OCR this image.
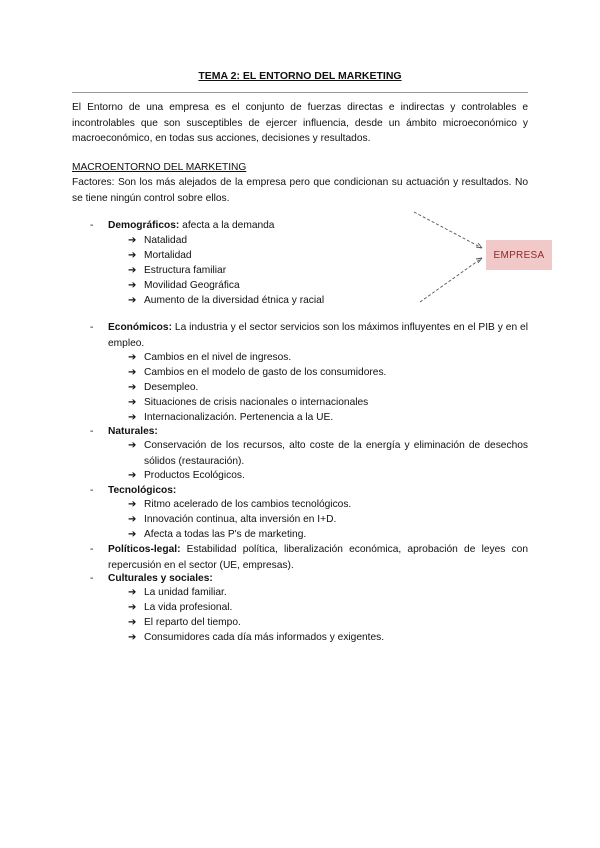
TEMA 2: EL ENTORNO DEL MARKETING
El Entorno de una empresa es el conjunto de fuerzas directas e indirectas y controlables e incontrolables que son susceptibles de ejercer influencia, desde un ámbito microeconómico y macroeconómico, en todas sus acciones, decisiones y resultados.
MACROENTORNO DEL MARKETING
Factores: Son los más alejados de la empresa pero que condicionan su actuación y resultados. No se tiene ningún control sobre ellos.
EMPRESA
- Demográficos: afecta a la demanda
➔ Natalidad
➔ Mortalidad
➔ Estructura familiar
➔ Movilidad Geográfica
➔ Aumento de la diversidad étnica y racial
- Económicos: La industria y el sector servicios son los máximos influyentes en el PIB y en el empleo.
➔ Cambios en el nivel de ingresos.
➔ Cambios en el modelo de gasto de los consumidores.
➔ Desempleo.
➔ Situaciones de crisis nacionales o internacionales
➔ Internacionalización. Pertenencia a la UE.
- Naturales:
➔ Conservación de los recursos, alto coste de la energía y eliminación de desechos sólidos (restauración).
➔ Productos Ecológicos.
- Tecnológicos:
➔ Ritmo acelerado de los cambios tecnológicos.
➔ Innovación continua, alta inversión en I+D.
➔ Afecta a todas las P's de marketing.
- Políticos-legal: Estabilidad política, liberalización económica, aprobación de leyes con repercusión en el sector (UE, empresas).
- Culturales y sociales:
➔ La unidad familiar.
➔ La vida profesional.
➔ El reparto del tiempo.
➔ Consumidores cada día más informados y exigentes.
